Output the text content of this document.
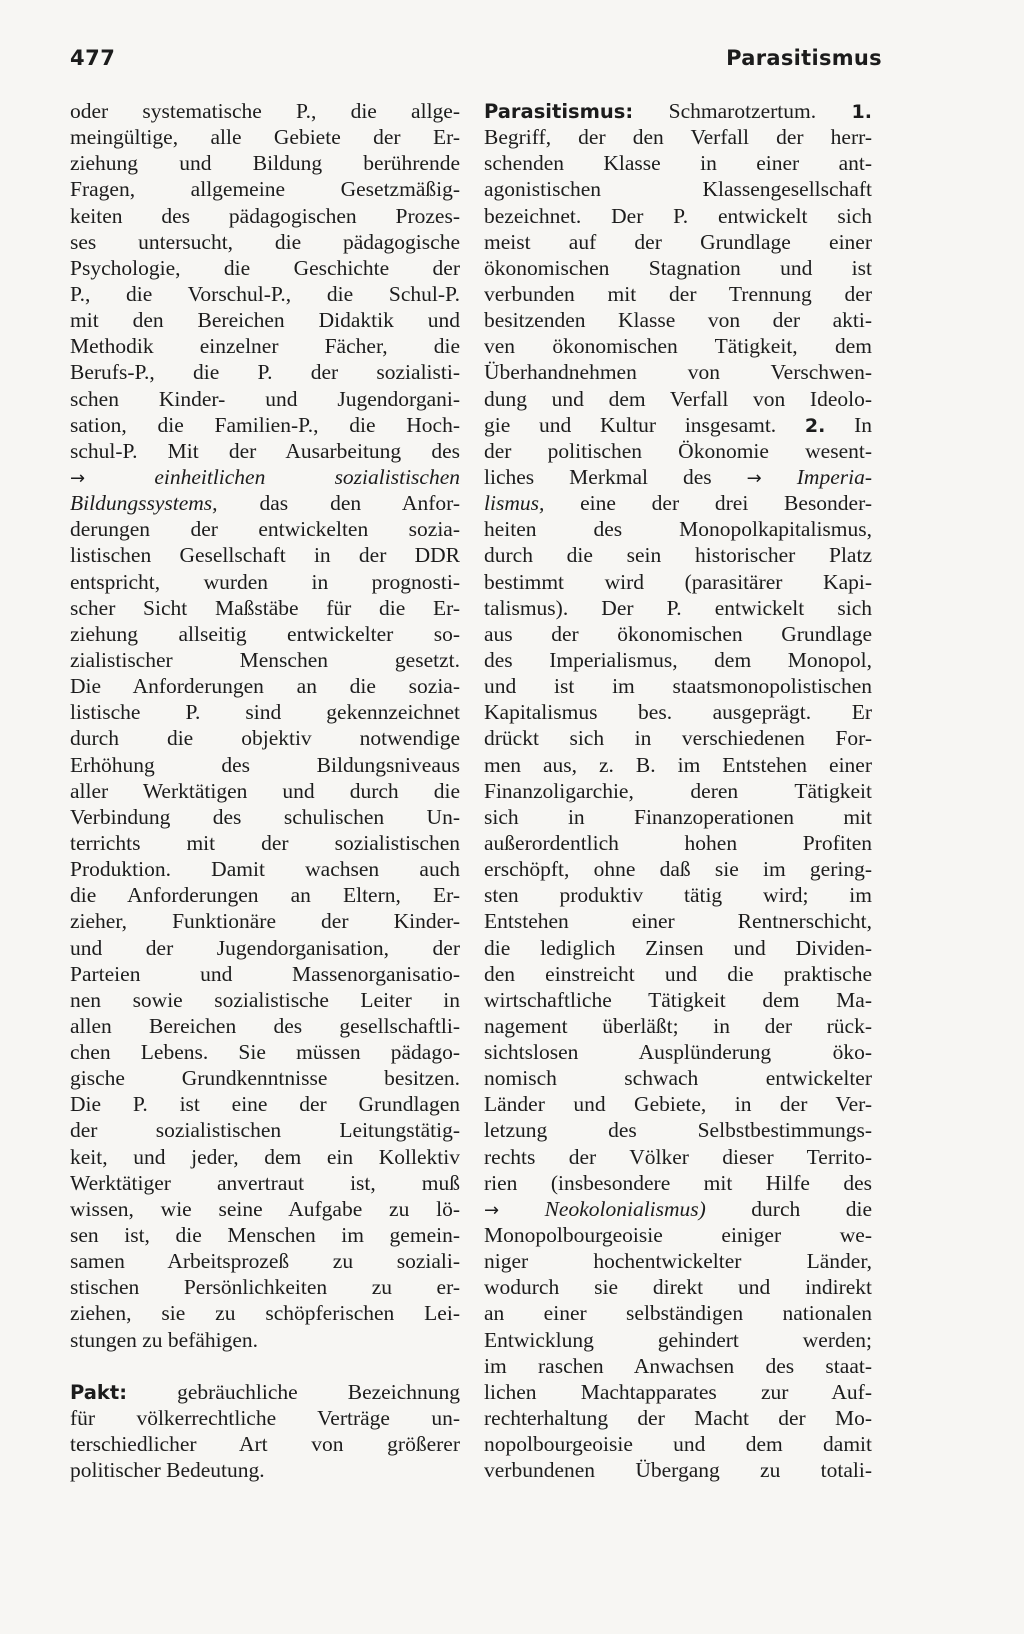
477	Parasitismus
oder systematische P., die allge-
meingültige, alle Gebiete der Er-
ziehung und Bildung berührende
Fragen, allgemeine Gesetzmäßig-
keiten des pädagogischen Prozes-
ses untersucht, die pädagogische
Psychologie, die Geschichte der
P., die Vorschul-P., die Schul-P.
mit den Bereichen Didaktik und
Methodik einzelner Fächer, die
Berufs-P., die P. der sozialisti-
schen Kinder- und Jugendorgani-
sation, die Familien-P., die Hoch-
schul-P. Mit der Ausarbeitung des
→	einheitlichen sozialistischen
Bildungssystems, das den Anfor-
derungen der entwickelten sozia-
listischen Gesellschaft in der DDR
entspricht, wurden in prognosti-
scher Sicht Maßstäbe für die Er-
ziehung allseitig entwickelter so-
zialistischer Menschen gesetzt.
Die Anforderungen an die sozia-
listische P. sind gekennzeichnet
durch die objektiv notwendige
Erhöhung des Bildungsniveaus
aller Werktätigen und durch die
Verbindung des schulischen Un-
terrichts mit der sozialistischen
Produktion. Damit wachsen auch
die Anforderungen an Eltern, Er-
zieher, Funktionäre der Kinder-
und der Jugendorganisation, der
Parteien und Massenorganisatio-
nen sowie sozialistische Leiter in
allen Bereichen des gesellschaftli-
chen Lebens. Sie müssen pädago-
gische Grundkenntnisse besitzen.
Die P. ist eine der Grundlagen
der sozialistischen Leitungstätig-
keit, und jeder, dem ein Kollektiv
Werktätiger anvertraut ist, muß
wissen, wie seine Aufgabe zu lö-
sen ist, die Menschen im gemein-
samen Arbeitsprozeß zu soziali-
stischen Persönlichkeiten zu er-
ziehen, sie zu schöpferischen Lei-
stungen zu befähigen.
Pakt: gebräuchliche Bezeichnung
für völkerrechtliche Verträge un-
terschiedlicher Art von größerer
politischer Bedeutung.
Parasitismus: Schmarotzertum. 1.
Begriff, der den Verfall der herr-
schenden Klasse in einer ant-
agonistischen Klassengesellschaft
bezeichnet. Der P. entwickelt sich
meist auf der Grundlage einer
ökonomischen Stagnation und ist
verbunden mit der Trennung der
besitzenden Klasse von der akti-
ven ökonomischen Tätigkeit, dem
Überhandnehmen von Verschwen-
dung und dem Verfall von Ideolo-
gie und Kultur insgesamt. 2. In
der politischen Ökonomie wesent-
liches Merkmal des → Imperia-
lismus, eine der drei Besonder-
heiten des Monopolkapitalismus,
durch die sein historischer Platz
bestimmt wird (parasitärer Kapi-
talismus). Der P. entwickelt sich
aus der ökonomischen Grundlage
des Imperialismus, dem Monopol,
und ist im staatsmonopolistischen
Kapitalismus bes. ausgeprägt. Er
drückt sich in verschiedenen For-
men aus, z. B. im Entstehen einer
Finanzoligarchie, deren Tätigkeit
sich in Finanzoperationen mit
außerordentlich hohen Profiten
erschöpft, ohne daß sie im gering-
sten produktiv tätig wird; im
Entstehen einer Rentnerschicht,
die lediglich Zinsen und Dividen-
den einstreicht und die praktische
wirtschaftliche Tätigkeit dem Ma-
nagement überläßt; in der rück-
sichtslosen Ausplünderung öko-
nomisch schwach entwickelter
Länder und Gebiete, in der Ver-
letzung des Selbstbestimmungs-
rechts der Völker dieser Territo-
rien (insbesondere mit Hilfe des
→ Neokolonialismus) durch die
Monopolbourgeoisie einiger we-
niger hochentwickelter Länder,
wodurch sie direkt und indirekt
an einer selbständigen nationalen
Entwicklung gehindert werden;
im raschen Anwachsen des staat-
lichen Machtapparates zur Auf-
rechterhaltung der Macht der Mo-
nopolbourgeoisie und dem damit
verbundenen Übergang zu totali-
